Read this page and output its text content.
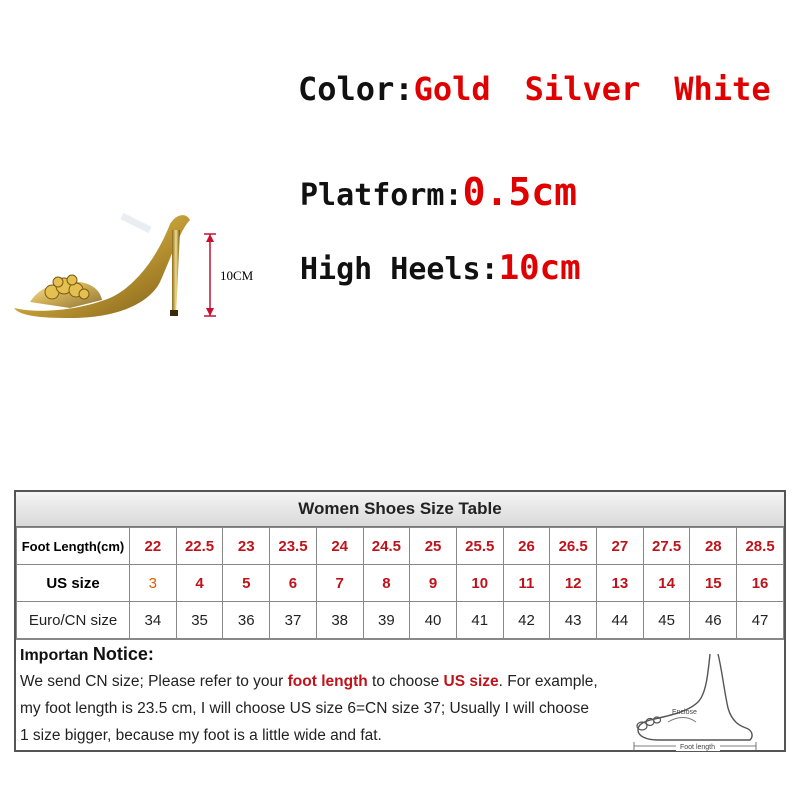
Color:Gold Silver White
Platform:0.5cm
High Heels:10cm
10CM
Women Shoes Size Table
Foot Length(cm)	22	22.5	23	23.5	24	24.5	25	25.5	26	26.5	27	27.5	28	28.5
US size	3	4	5	6	7	8	9	10	11	12	13	14	15	16
Euro/CN size	34	35	36	37	38	39	40	41	42	43	44	45	46	47
Importan Notice:
We send CN size; Please refer to your foot length to choose US size. For example,
my foot length is 23.5 cm, I will choose US size 6=CN size 37; Usually I will choose
1 size bigger, because my foot is a little wide and fat.
Enclose
Foot length
